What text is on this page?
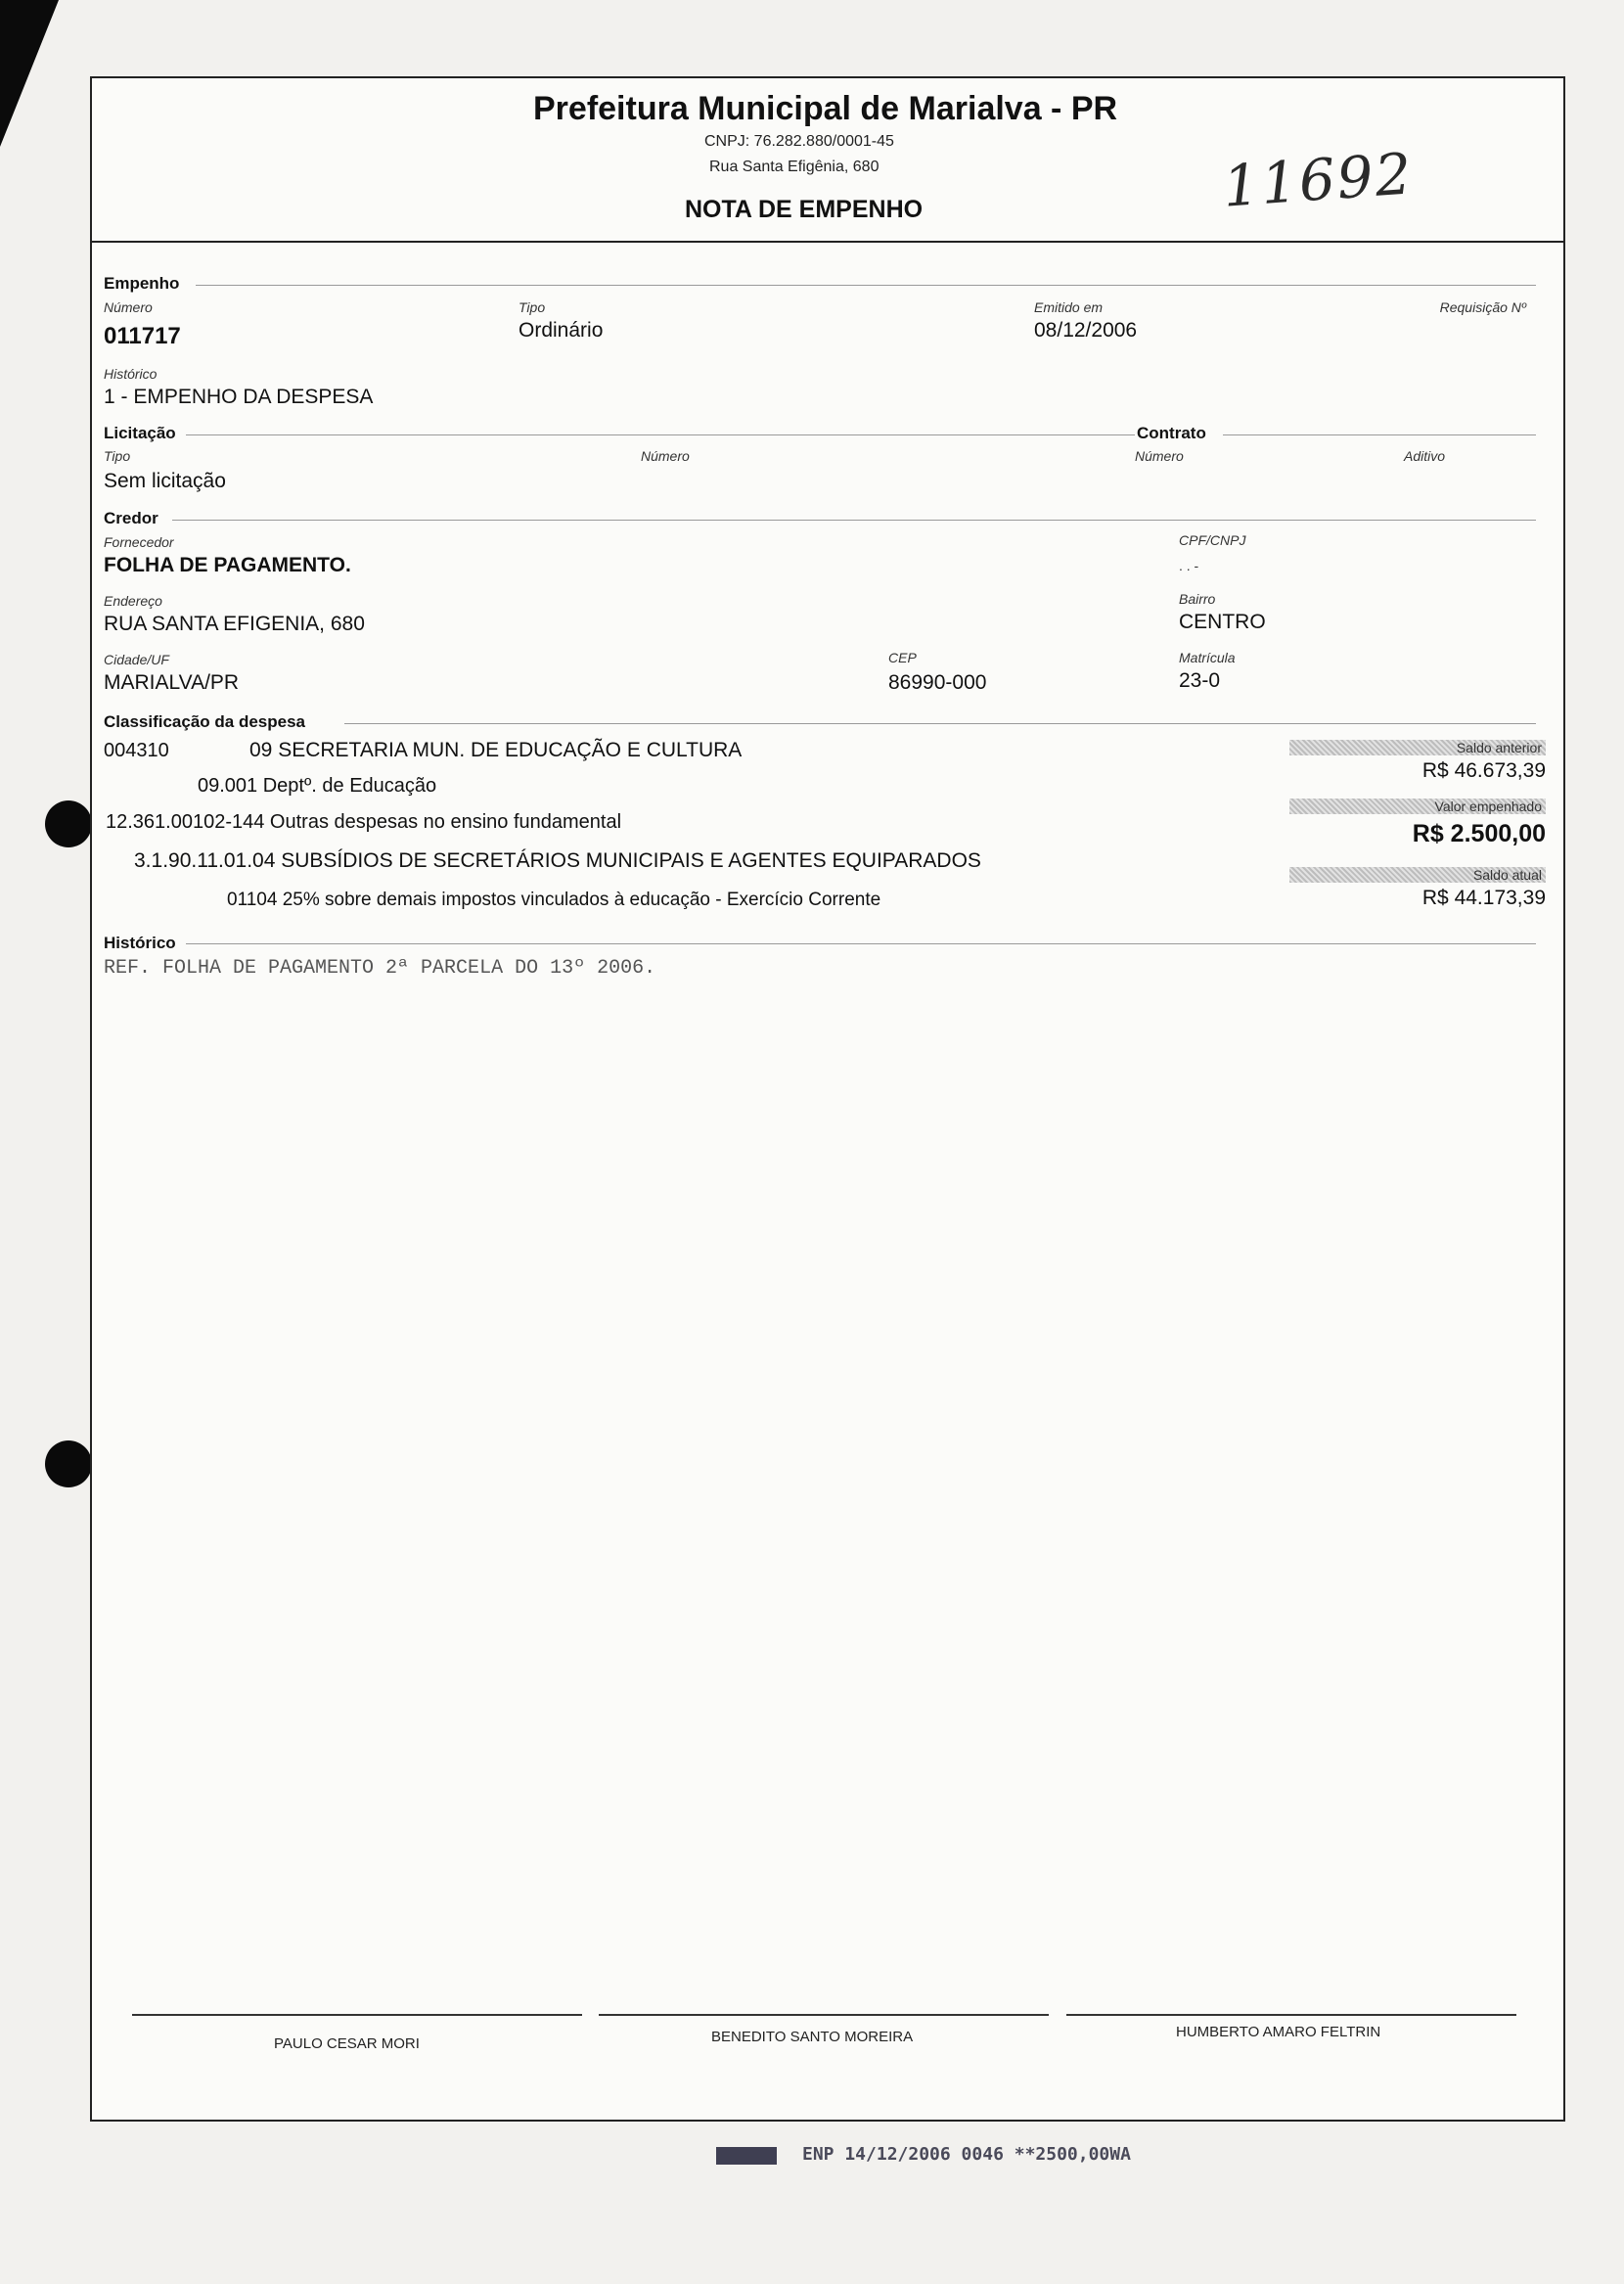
Prefeitura Municipal de Marialva - PR
CNPJ: 76.282.880/0001-45
Rua Santa Efigênia, 680
NOTA DE EMPENHO	11692
Empenho
Número
011717
Tipo
Ordinário
Emitido em
08/12/2006
Requisição Nº
Histórico
1 - EMPENHO DA DESPESA
Licitação	Contrato
Tipo
Sem licitação
Número	Número	Aditivo
Credor
Fornecedor
FOLHA DE PAGAMENTO.
CPF/CNPJ
. . -
Endereço
RUA SANTA EFIGENIA, 680
Bairro
CENTRO
Cidade/UF
MARIALVA/PR
CEP
86990-000
Matrícula
23-0
Classificação da despesa
004310	09 SECRETARIA MUN. DE EDUCAÇÃO E CULTURA
09.001 Deptº. de Educação
12.361.00102-144 Outras despesas no ensino fundamental
3.1.90.11.01.04 SUBSÍDIOS DE SECRETÁRIOS MUNICIPAIS E AGENTES EQUIPARADOS
01104 25% sobre demais impostos vinculados à educação - Exercício Corrente
Saldo anterior
R$ 46.673,39
Valor empenhado
R$ 2.500,00
Saldo atual
R$ 44.173,39
Histórico
REF. FOLHA DE PAGAMENTO 2ª PARCELA DO 13º 2006.
PAULO CESAR MORI	BENEDITO SANTO MOREIRA	HUMBERTO AMARO FELTRIN
ENP 14/12/2006 0046 **2500,00WA
